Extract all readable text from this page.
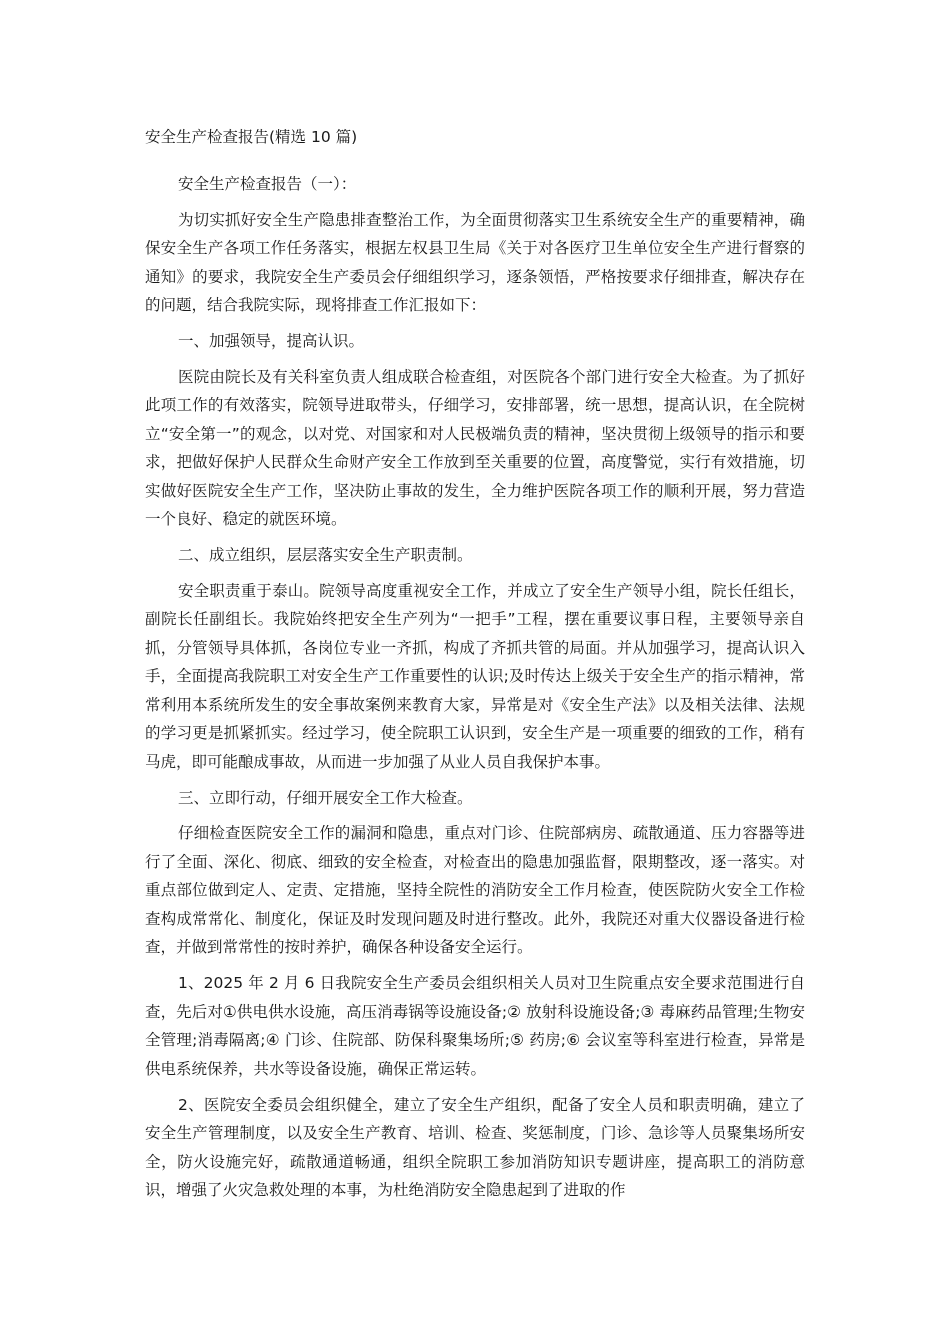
安全生产检查报告(精选 10 篇)

安全生产检查报告（一）：

为切实抓好安全生产隐患排查整治工作，为全面贯彻落实卫生系统安全生产的重要精神，确保安全生产各项工作任务落实，根据左权县卫生局《关于对各医疗卫生单位安全生产进行督察的通知》的要求，我院安全生产委员会仔细组织学习，逐条领悟，严格按要求仔细排查，解决存在的问题，结合我院实际，现将排查工作汇报如下：

一、加强领导，提高认识。

医院由院长及有关科室负责人组成联合检查组，对医院各个部门进行安全大检查。为了抓好此项工作的有效落实，院领导进取带头，仔细学习，安排部署，统一思想，提高认识，在全院树立“安全第一”的观念，以对党、对国家和对人民极端负责的精神，坚决贯彻上级领导的指示和要求，把做好保护人民群众生命财产安全工作放到至关重要的位置，高度警觉，实行有效措施，切实做好医院安全生产工作，坚决防止事故的发生，全力维护医院各项工作的顺利开展，努力营造一个良好、稳定的就医环境。

二、成立组织，层层落实安全生产职责制。

安全职责重于泰山。院领导高度重视安全工作，并成立了安全生产领导小组，院长任组长，副院长任副组长。我院始终把安全生产列为“一把手”工程，摆在重要议事日程，主要领导亲自抓，分管领导具体抓，各岗位专业一齐抓，构成了齐抓共管的局面。并从加强学习，提高认识入手，全面提高我院职工对安全生产工作重要性的认识;及时传达上级关于安全生产的指示精神，常常利用本系统所发生的安全事故案例来教育大家，异常是对《安全生产法》以及相关法律、法规的学习更是抓紧抓实。经过学习，使全院职工认识到，安全生产是一项重要的细致的工作，稍有马虎，即可能酿成事故，从而进一步加强了从业人员自我保护本事。

三、立即行动，仔细开展安全工作大检查。

仔细检查医院安全工作的漏洞和隐患，重点对门诊、住院部病房、疏散通道、压力容器等进行了全面、深化、彻底、细致的安全检查，对检查出的隐患加强监督，限期整改，逐一落实。对重点部位做到定人、定责、定措施，坚持全院性的消防安全工作月检查，使医院防火安全工作检查构成常常化、制度化，保证及时发现问题及时进行整改。此外，我院还对重大仪器设备进行检查，并做到常常性的按时养护，确保各种设备安全运行。

1、2025 年 2 月 6 日我院安全生产委员会组织相关人员对卫生院重点安全要求范围进行自查，先后对①供电供水设施，高压消毒锅等设施设备;② 放射科设施设备;③ 毒麻药品管理;生物安全管理;消毒隔离;④ 门诊、住院部、防保科聚集场所;⑤ 药房;⑥ 会议室等科室进行检查，异常是供电系统保养，共水等设备设施，确保正常运转。

2、医院安全委员会组织健全，建立了安全生产组织，配备了安全人员和职责明确，建立了安全生产管理制度，以及安全生产教育、培训、检查、奖惩制度，门诊、急诊等人员聚集场所安全，防火设施完好，疏散通道畅通，组织全院职工参加消防知识专题讲座，提高职工的消防意识，增强了火灾急救处理的本事，为杜绝消防安全隐患起到了进取的作
